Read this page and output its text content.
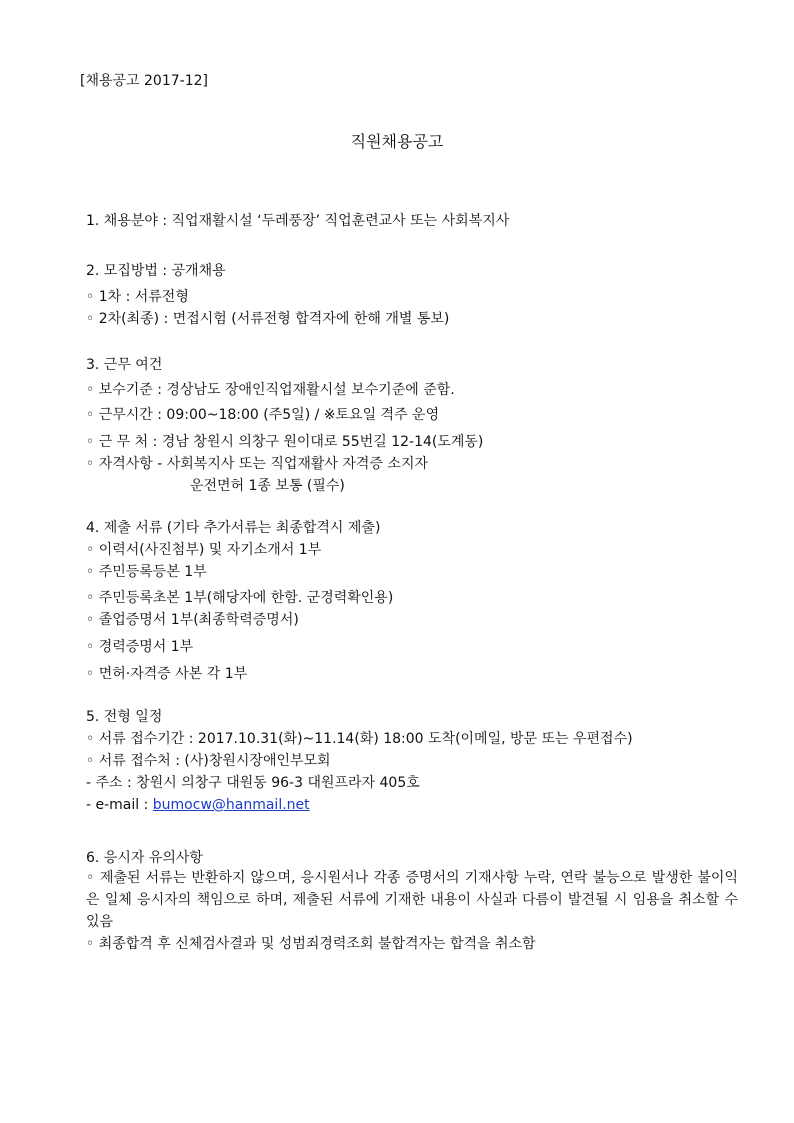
[채용공고 2017-12]
직원채용공고
1. 채용분야 : 직업재활시설 ‘두레풍장’ 직업훈련교사 또는 사회복지사
2. 모집방법 : 공개채용
◦ 1차 : 서류전형
◦ 2차(최종) : 면접시험 (서류전형 합격자에 한해 개별 통보)
3. 근무 여건
◦ 보수기준 : 경상남도 장애인직업재활시설 보수기준에 준함.
◦ 근무시간 : 09:00~18:00 (주5일) / ※토요일 격주 운영
◦ 근 무 처 : 경남 창원시 의창구 원이대로 55번길 12-14(도계동)
◦ 자격사항 - 사회복지사 또는 직업재활사 자격증 소지자
운전면허 1종 보통 (필수)
4. 제출 서류 (기타 추가서류는 최종합격시 제출)
◦ 이력서(사진첨부) 및 자기소개서 1부
◦ 주민등록등본 1부
◦ 주민등록초본 1부(해당자에 한함. 군경력확인용)
◦ 졸업증명서 1부(최종학력증명서)
◦ 경력증명서 1부
◦ 면허·자격증 사본 각 1부
5. 전형 일정
◦ 서류 접수기간 : 2017.10.31(화)~11.14(화) 18:00 도착(이메일, 방문 또는 우편접수)
◦ 서류 접수처 : (사)창원시장애인부모회
- 주소 : 창원시 의창구 대원동 96-3 대원프라자 405호
- e-mail : bumocw@hanmail.net
6. 응시자 유의사항
◦ 제출된 서류는 반환하지 않으며, 응시원서나 각종 증명서의 기재사항 누락, 연락 불능으로 발생한 불이익은 일체 응시자의 책임으로 하며, 제출된 서류에 기재한 내용이 사실과 다름이 발견될 시 임용을 취소할 수 있음
◦ 최종합격 후 신체검사결과 및 성범죄경력조회 불합격자는 합격을 취소함
